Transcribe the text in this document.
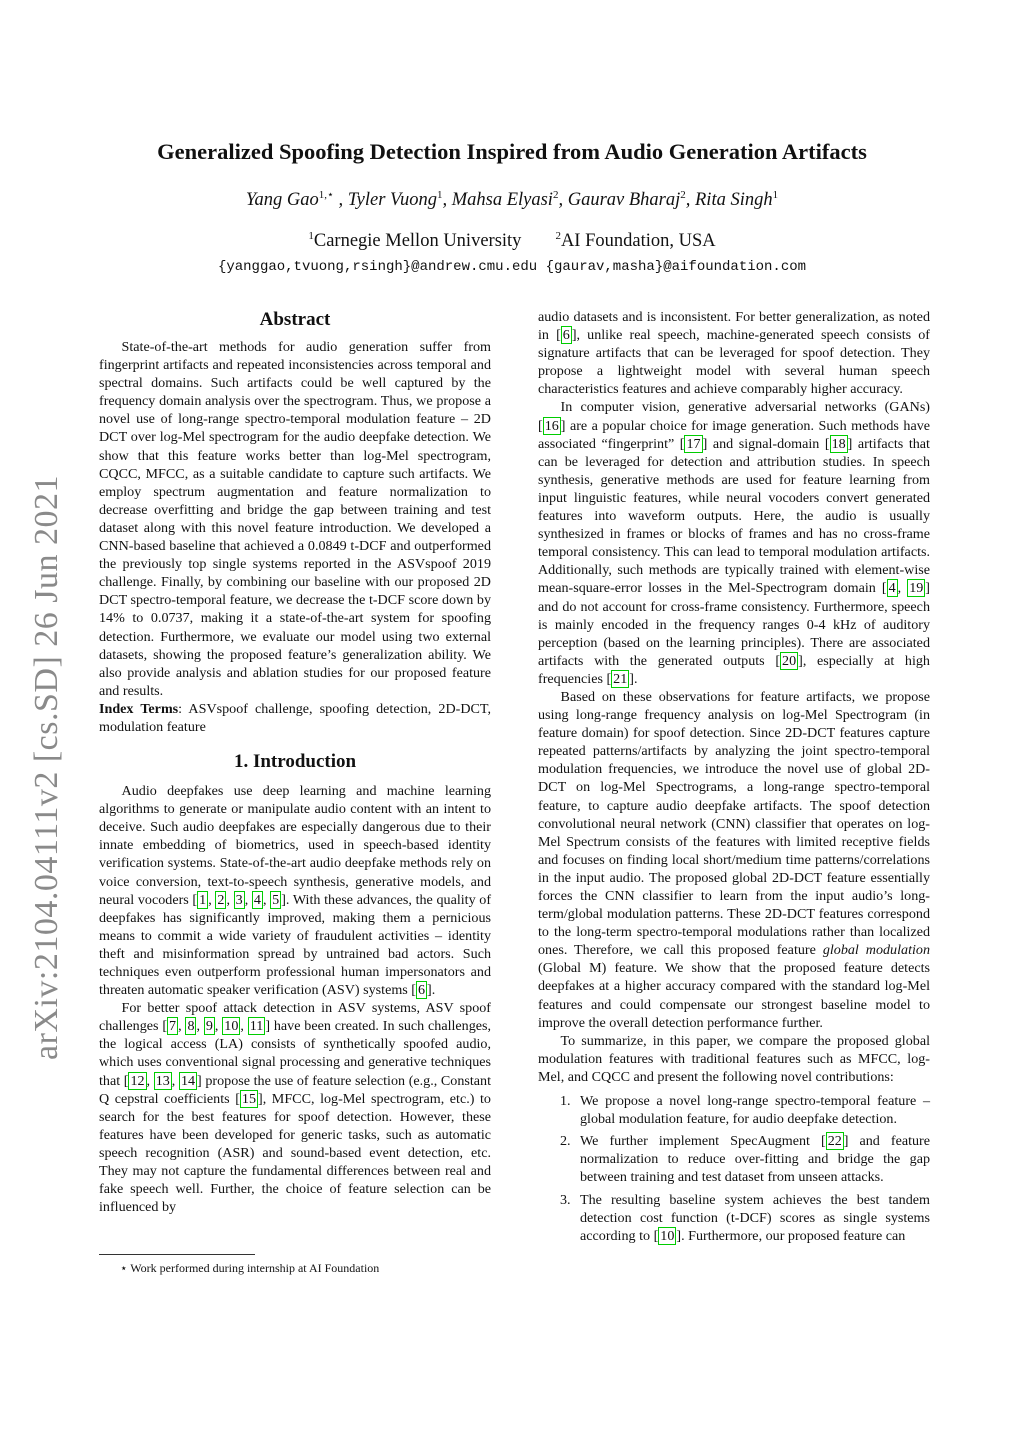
arXiv:2104.04111v2 [cs.SD] 26 Jun 2021
Generalized Spoofing Detection Inspired from Audio Generation Artifacts
Yang Gao$^{1,⋆}$ , Tyler Vuong$^1$, Mahsa Elyasi$^2$, Gaurav Bharaj$^2$, Rita Singh$^1$
$^1$Carnegie Mellon University	$^2$AI Foundation, USA
{yanggao,tvuong,rsingh}@andrew.cmu.edu {gaurav,masha}@aifoundation.com
Abstract

State-of-the-art methods for audio generation suffer from fingerprint artifacts and repeated inconsistencies across temporal and spectral domains. Such artifacts could be well captured by the frequency domain analysis over the spectrogram. Thus, we propose a novel use of long-range spectro-temporal modulation feature – 2D DCT over log-Mel spectrogram for the audio deepfake detection. We show that this feature works better than log-Mel spectrogram, CQCC, MFCC, as a suitable candidate to capture such artifacts. We employ spectrum augmentation and feature normalization to decrease overfitting and bridge the gap between training and test dataset along with this novel feature introduction. We developed a CNN-based baseline that achieved a 0.0849 t-DCF and outperformed the previously top single systems reported in the ASVspoof 2019 challenge. Finally, by combining our baseline with our proposed 2D DCT spectro-temporal feature, we decrease the t-DCF score down by 14% to 0.0737, making it a state-of-the-art system for spoofing detection. Furthermore, we evaluate our model using two external datasets, showing the proposed feature’s generalization ability. We also provide analysis and ablation studies for our proposed feature and results.

Index Terms: ASVspoof challenge, spoofing detection, 2D-DCT, modulation feature

1. Introduction

Audio deepfakes use deep learning and machine learning algorithms to generate or manipulate audio content with an intent to deceive. Such audio deepfakes are especially dangerous due to their innate embedding of biometrics, used in speech-based identity verification systems. State-of-the-art audio deepfake methods rely on voice conversion, text-to-speech synthesis, generative models, and neural vocoders [ 1 , 2 , 3 , 4 , 5 ]. With these advances, the quality of deepfakes has significantly improved, making them a pernicious means to commit a wide variety of fraudulent activities – identity theft and misinformation spread by untrained bad actors. Such techniques even outperform professional human impersonators and threaten automatic speaker verification (ASV) systems [ 6 ].

For better spoof attack detection in ASV systems, ASV spoof challenges [ 7 , 8 , 9 , 10 , 11 ] have been created. In such challenges, the logical access (LA) consists of synthetically spoofed audio, which uses conventional signal processing and generative techniques that [ 12 , 13 , 14 ] propose the use of feature selection (e.g., Constant Q cepstral coefficients [ 15 ], MFCC, log-Mel spectrogram, etc.) to search for the best features for spoof detection. However, these features have been developed for generic tasks, such as automatic speech recognition (ASR) and sound-based event detection, etc. They may not capture the fundamental differences between real and fake speech well. Further, the choice of feature selection can be influenced by

audio datasets and is inconsistent. For better generalization, as noted in [ 6 ], unlike real speech, machine-generated speech consists of signature artifacts that can be leveraged for spoof detection. They propose a lightweight model with several human speech characteristics features and achieve comparably higher accuracy.

In computer vision, generative adversarial networks (GANs) [ 16 ] are a popular choice for image generation. Such methods have associated “fingerprint” [ 17 ] and signal-domain [ 18 ] artifacts that can be leveraged for detection and attribution studies. In speech synthesis, generative methods are used for feature learning from input linguistic features, while neural vocoders convert generated features into waveform outputs. Here, the audio is usually synthesized in frames or blocks of frames and has no cross-frame temporal consistency. This can lead to temporal modulation artifacts. Additionally, such methods are typically trained with element-wise mean-square-error losses in the Mel-Spectrogram domain [ 4 , 19 ] and do not account for cross-frame consistency. Furthermore, speech is mainly encoded in the frequency ranges 0-4 kHz of auditory perception (based on the learning principles). There are associated artifacts with the generated outputs [ 20 ], especially at high frequencies [ 21 ].

Based on these observations for feature artifacts, we propose using long-range frequency analysis on log-Mel Spectrogram (in feature domain) for spoof detection. Since 2D-DCT features capture repeated patterns/artifacts by analyzing the joint spectro-temporal modulation frequencies, we introduce the novel use of global 2D-DCT on log-Mel Spectrograms, a long-range spectro-temporal feature, to capture audio deepfake artifacts. The spoof detection convolutional neural network (CNN) classifier that operates on log-Mel Spectrum consists of the features with limited receptive fields and focuses on finding local short/medium time patterns/correlations in the input audio. The proposed global 2D-DCT feature essentially forces the CNN classifier to learn from the input audio’s long-term/global modulation patterns. These 2D-DCT features correspond to the long-term spectro-temporal modulations rather than localized ones. Therefore, we call this proposed feature global modulation (Global M) feature. We show that the proposed feature detects deepfakes at a higher accuracy compared with the standard log-Mel features and could compensate our strongest baseline model to improve the overall detection performance further.

To summarize, in this paper, we compare the proposed global modulation features with traditional features such as MFCC, log-Mel, and CQCC and present the following novel contributions:

1. We propose a novel long-range spectro-temporal feature – global modulation feature, for audio deepfake detection.
2. We further implement SpecAugment [ 22 ] and feature normalization to reduce over-fitting and bridge the gap between training and test dataset from unseen attacks.
3. The resulting baseline system achieves the best tandem detection cost function (t-DCF) scores as single systems according to [ 10 ]. Furthermore, our proposed feature can
⋆ Work performed during internship at AI Foundation
